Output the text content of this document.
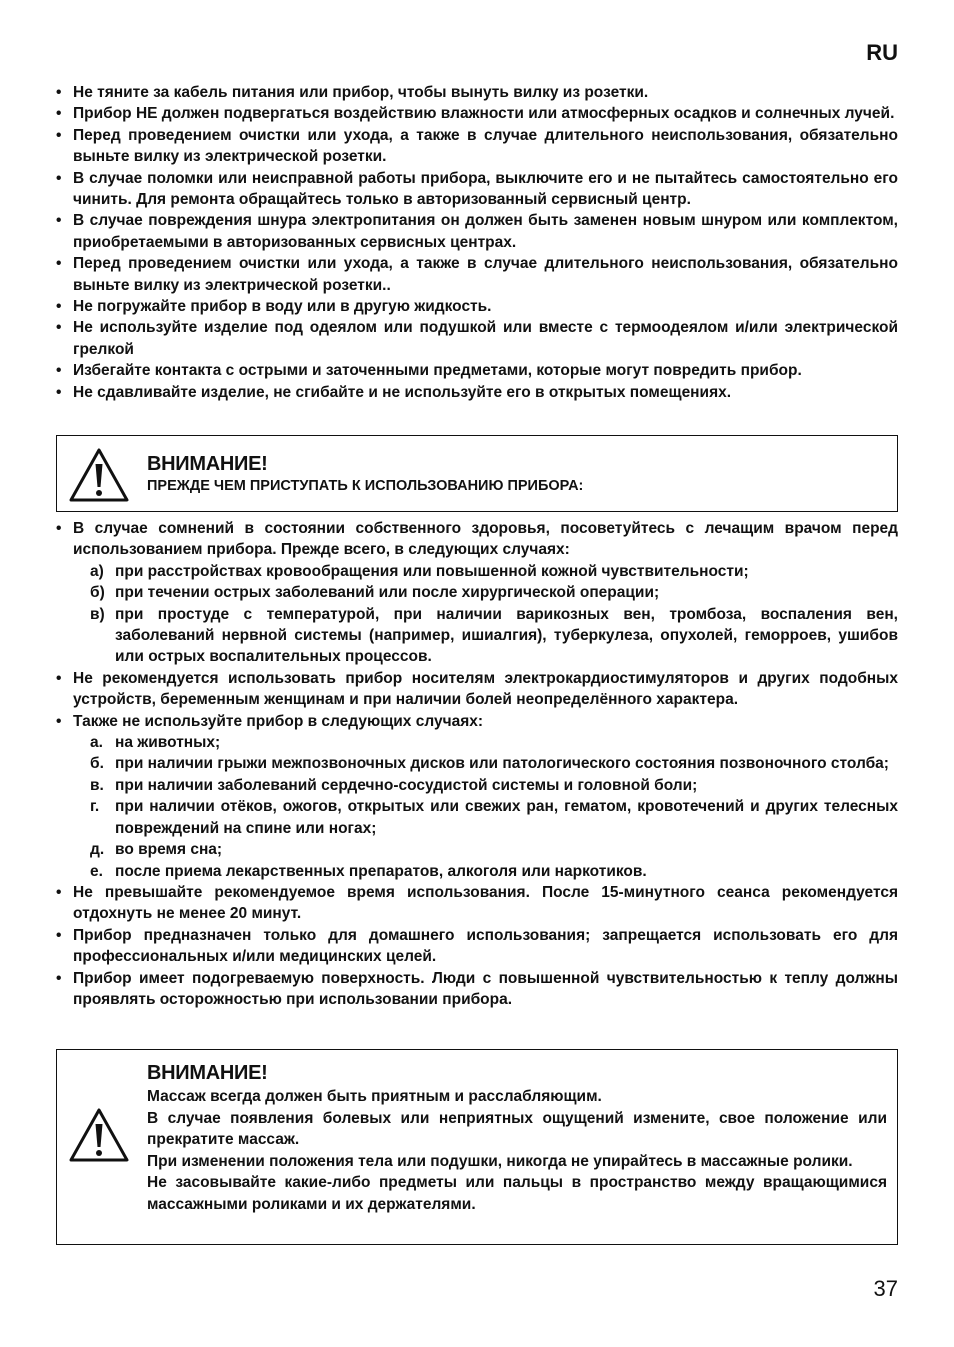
RU
• Не тяните за кабель питания или прибор, чтобы вынуть вилку из розетки.
• Прибор НЕ должен подвергаться воздействию влажности или атмосферных осадков и солнечных лучей.
• Перед проведением очистки или ухода, а также в случае длительного неиспользования, обязательно выньте вилку из электрической розетки.
• В случае поломки или неисправной работы прибора, выключите его и не пытайтесь самостоятельно его чинить. Для ремонта обращайтесь только в авторизованный сервисный центр.
• В случае повреждения шнура электропитания он должен быть заменен новым шнуром или комплектом, приобретаемыми в авторизованных сервисных центрах.
• Перед проведением очистки или ухода, а также в случае длительного неиспользования, обязательно выньте вилку из электрической розетки..
• Не погружайте прибор в воду или в другую жидкость.
• Не используйте изделие под одеялом или подушкой или вместе с термоодеялом и/или электрической грелкой
• Избегайте контакта с острыми и заточенными предметами, которые могут повредить прибор.
• Не сдавливайте изделие, не сгибайте и не используйте его в открытых помещениях.
ВНИМАНИЕ!
ПРЕЖДЕ ЧЕМ ПРИСТУПАТЬ К ИСПОЛЬЗОВАНИЮ ПРИБОРА:
• В случае сомнений в состоянии собственного здоровья, посоветуйтесь с лечащим врачом перед использованием прибора. Прежде всего, в следующих случаях:
а) при расстройствах кровообращения или повышенной кожной чувствительности;
б) при течении острых заболеваний или после хирургической операции;
в) при простуде с температурой, при наличии варикозных вен, тромбоза, воспаления вен, заболеваний нервной системы (например, ишиалгия), туберкулеза, опухолей, геморроев, ушибов или острых воспалительных процессов.
• Не рекомендуется использовать прибор носителям электрокардиостимуляторов и других подобных устройств, беременным женщинам и при наличии болей неопределённого характера.
• Также не используйте прибор в следующих случаях:
а. на животных;
б. при наличии грыжи межпозвоночных дисков или патологического состояния позвоночного столба;
в. при наличии заболеваний сердечно-сосудистой системы и головной боли;
г. при наличии отёков, ожогов, открытых или свежих ран, гематом, кровотечений и других телесных повреждений на спине или ногах;
д. во время сна;
е. после приема лекарственных препаратов, алкоголя или наркотиков.
• Не превышайте рекомендуемое время использования. После 15-минутного сеанса рекомендуется отдохнуть не менее 20 минут.
• Прибор предназначен только для домашнего использования; запрещается использовать его для профессиональных и/или медицинских целей.
• Прибор имеет подогреваемую поверхность. Люди с повышенной чувствительностью к теплу должны проявлять осторожностью при использовании прибора.
ВНИМАНИЕ!

Массаж всегда должен быть приятным и расслабляющим.

В случае появления болевых или неприятных ощущений измените, свое положение или прекратите массаж.

При изменении положения тела или подушки, никогда не упирайтесь в массажные ролики.

Не засовывайте какие-либо предметы или пальцы в пространство между вращающимися массажными роликами и их держателями.

37
